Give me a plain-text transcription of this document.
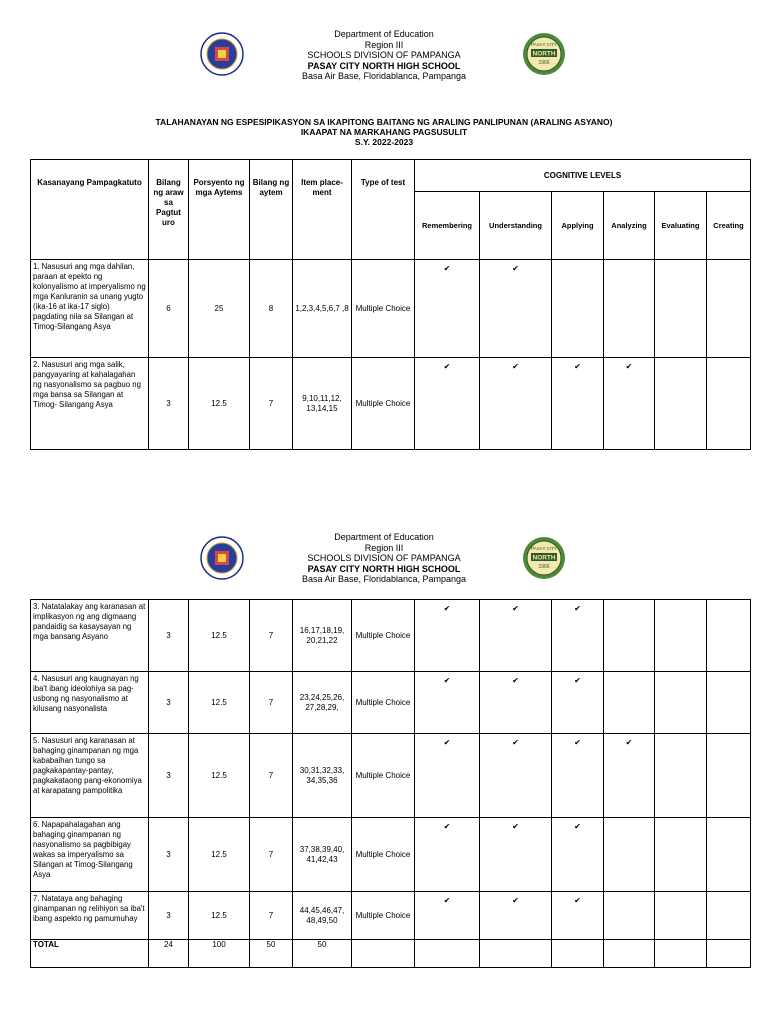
PASAY CITY
NORTH
1966
Department of Education
Region III
SCHOOLS DIVISION OF PAMPANGA
PASAY CITY NORTH HIGH SCHOOL
Basa Air Base, Floridablanca, Pampanga
TALAHANAYAN NG ESPESIPIKASYON SA IKAPITONG BAITANG NG ARALING PANLIPUNAN (ARALING ASYANO)
IKAAPAT NA MARKAHANG PAGSUSULIT
S.Y. 2022-2023
Kasanayang Pampagkatuto	Bilang ng araw sa Pagtut uro	Porsyento ng mga Aytems	Bilang ng aytem	Item place- ment	Type of test	COGNITIVE LEVELS					
						Remembering	Understanding	Applying	Analyzing	Evaluating	Creating
1. Nasusuri ang mga dahilan, paraan at epekto ng kolonyalismo at imperyalismo ng mga Kanluranin sa unang yugto (ika-16 at ika-17 siglo) pagdating nila sa Silangan at Timog-Silangang Asya	6	25	8	1,2,3,4,5,6,7 ,8	Multiple Choice	✔	✔				
2. Nasusuri ang mga salik, pangyayaring at kahalagahan ng nasyonalismo sa pagbuo ng mga bansa sa Silangan at Timog- Silangang Asya	3	12.5	7	9,10,11,12, 13,14,15	Multiple Choice	✔	✔	✔	✔		
PASAY CITY
NORTH
1966
Department of Education
Region III
SCHOOLS DIVISION OF PAMPANGA
PASAY CITY NORTH HIGH SCHOOL
Basa Air Base, Floridablanca, Pampanga
3. Natatalakay ang karanasan at implikasyon ng ang digmaang pandaidig sa kasaysayan ng mga bansang Asyano	3	12.5	7	16,17,18,19, 20,21,22	Multiple Choice	✔	✔	✔			
4. Nasusuri ang kaugnayan ng iba't ibang ideolohiya sa pag-usbong ng nasyonalismo at kilusang nasyonalista	3	12.5	7	23,24,25,26, 27,28,29,	Multiple Choice	✔	✔	✔			
5. Nasusuri ang karanasan at bahaging ginampanan ng mga kababaihan tungo sa pagkakapantay-pantay, pagkakataong pang-ekonomiya at karapatang pampolitika	3	12.5	7	30,31,32,33, 34,35,36	Multiple Choice	✔	✔	✔	✔		
6. Napapahalagahan ang bahaging ginampanan ng nasyonalismo sa pagbibigay wakas sa imperyalismo sa Silangan at Timog-Silangang Asya	3	12.5	7	37,38,39,40, 41,42,43	Multiple Choice	✔	✔	✔			
7. Natataya ang bahaging ginampanan ng relihiyon sa iba't ibang aspekto ng pamumuhay	3	12.5	7	44,45,46,47, 48,49,50	Multiple Choice	✔	✔	✔			
TOTAL	24	100	50	50							
